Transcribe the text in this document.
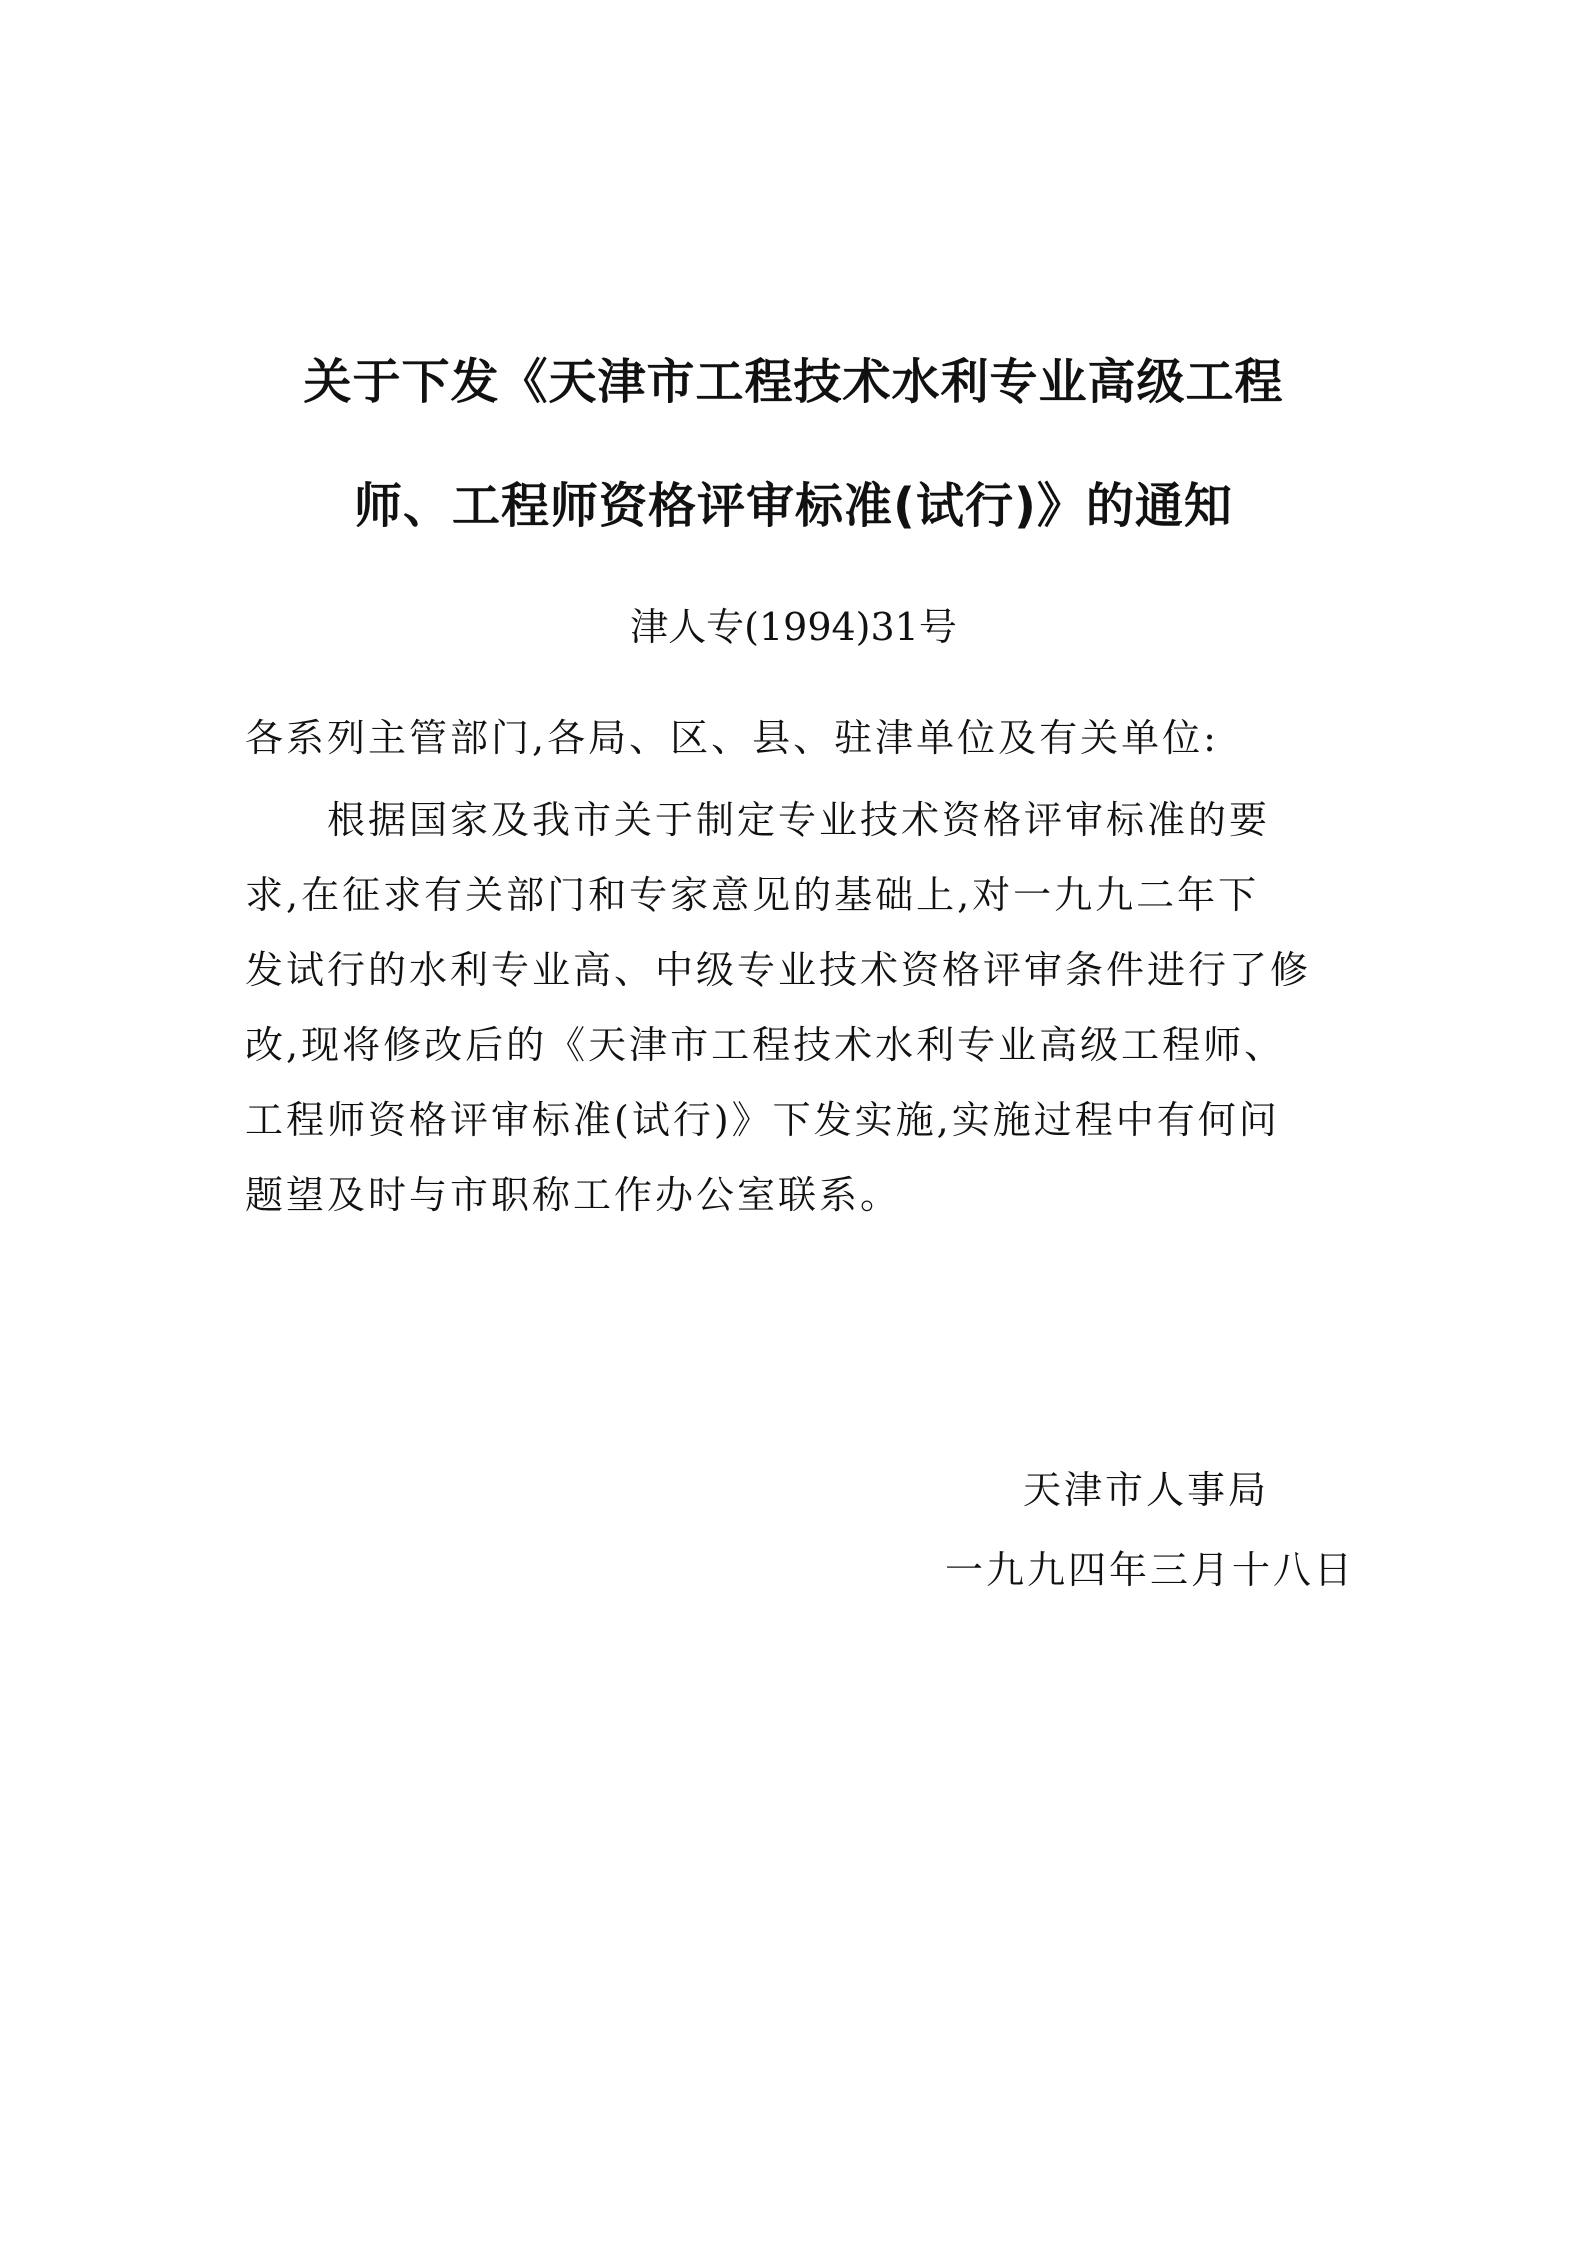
关于下发《天津市工程技术水利专业高级工程
师、工程师资格评审标准(试行)》的通知
津人专(1994)31号
各系列主管部门,各局、区、县、驻津单位及有关单位:
根据国家及我市关于制定专业技术资格评审标准的要
求,在征求有关部门和专家意见的基础上,对一九九二年下
发试行的水利专业高、中级专业技术资格评审条件进行了修
改,现将修改后的《天津市工程技术水利专业高级工程师、
工程师资格评审标准(试行)》下发实施,实施过程中有何问
题望及时与市职称工作办公室联系。
天津市人事局
一九九四年三月十八日
